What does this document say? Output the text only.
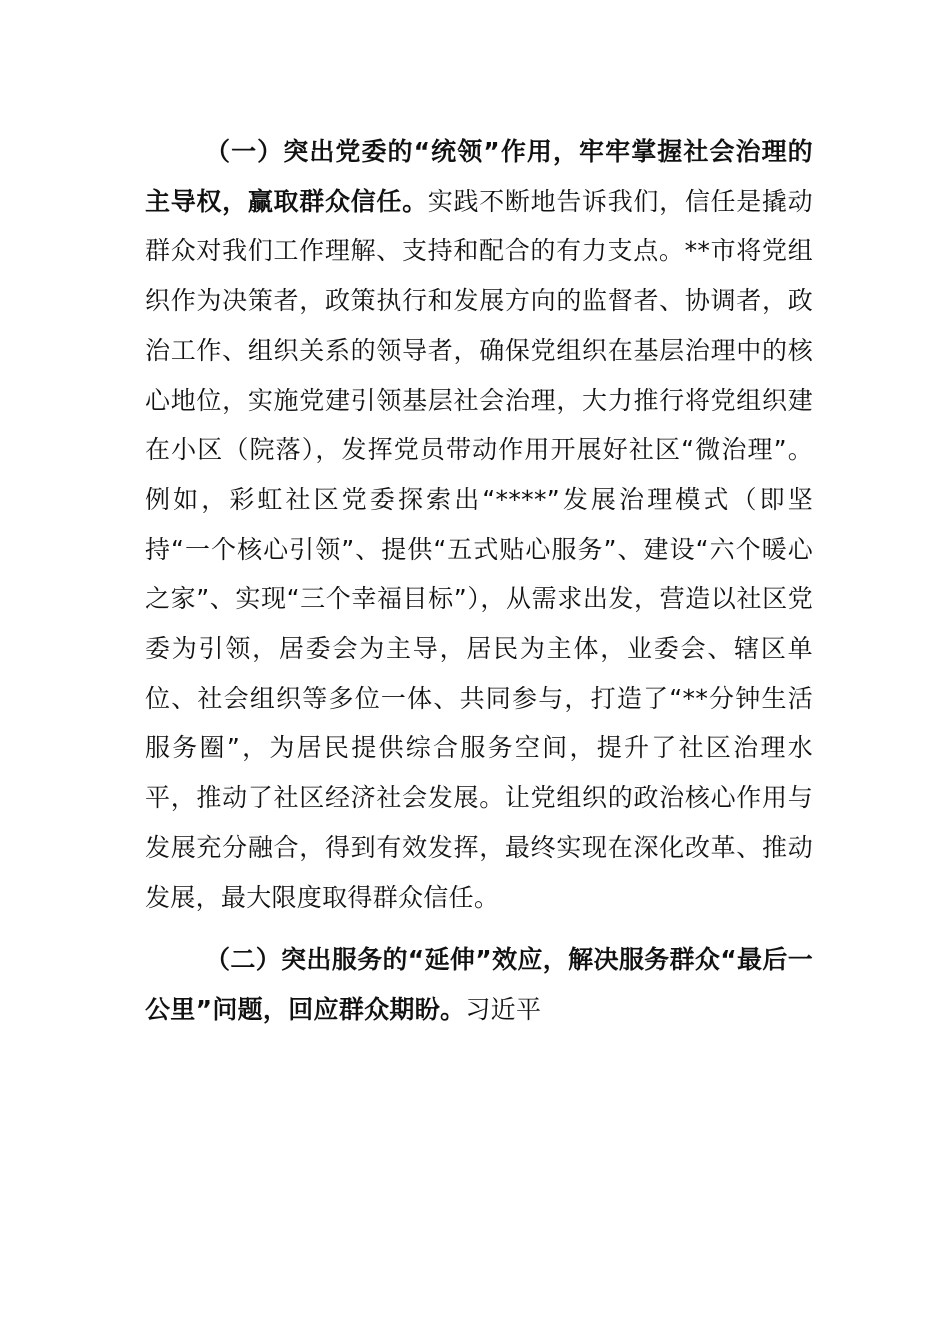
（一）突出党委的“统领”作用，牢牢掌握社会治理的主导权，赢取群众信任。实践不断地告诉我们，信任是撬动群众对我们工作理解、支持和配合的有力支点。**市将党组织作为决策者，政策执行和发展方向的监督者、协调者，政治工作、组织关系的领导者，确保党组织在基层治理中的核心地位，实施党建引领基层社会治理，大力推行将党组织建在小区（院落），发挥党员带动作用开展好社区“微治理”。例如，彩虹社区党委探索出“****”发展治理模式（即坚持“一个核心引领”、提供“五式贴心服务”、建设“六个暖心之家”、实现“三个幸福目标”），从需求出发，营造以社区党委为引领，居委会为主导，居民为主体，业委会、辖区单位、社会组织等多位一体、共同参与，打造了“**分钟生活服务圈”，为居民提供综合服务空间，提升了社区治理水平，推动了社区经济社会发展。让党组织的政治核心作用与发展充分融合，得到有效发挥，最终实现在深化改革、推动发展，最大限度取得群众信任。

（二）突出服务的“延伸”效应，解决服务群众“最后一公里”问题，回应群众期盼。习近平
